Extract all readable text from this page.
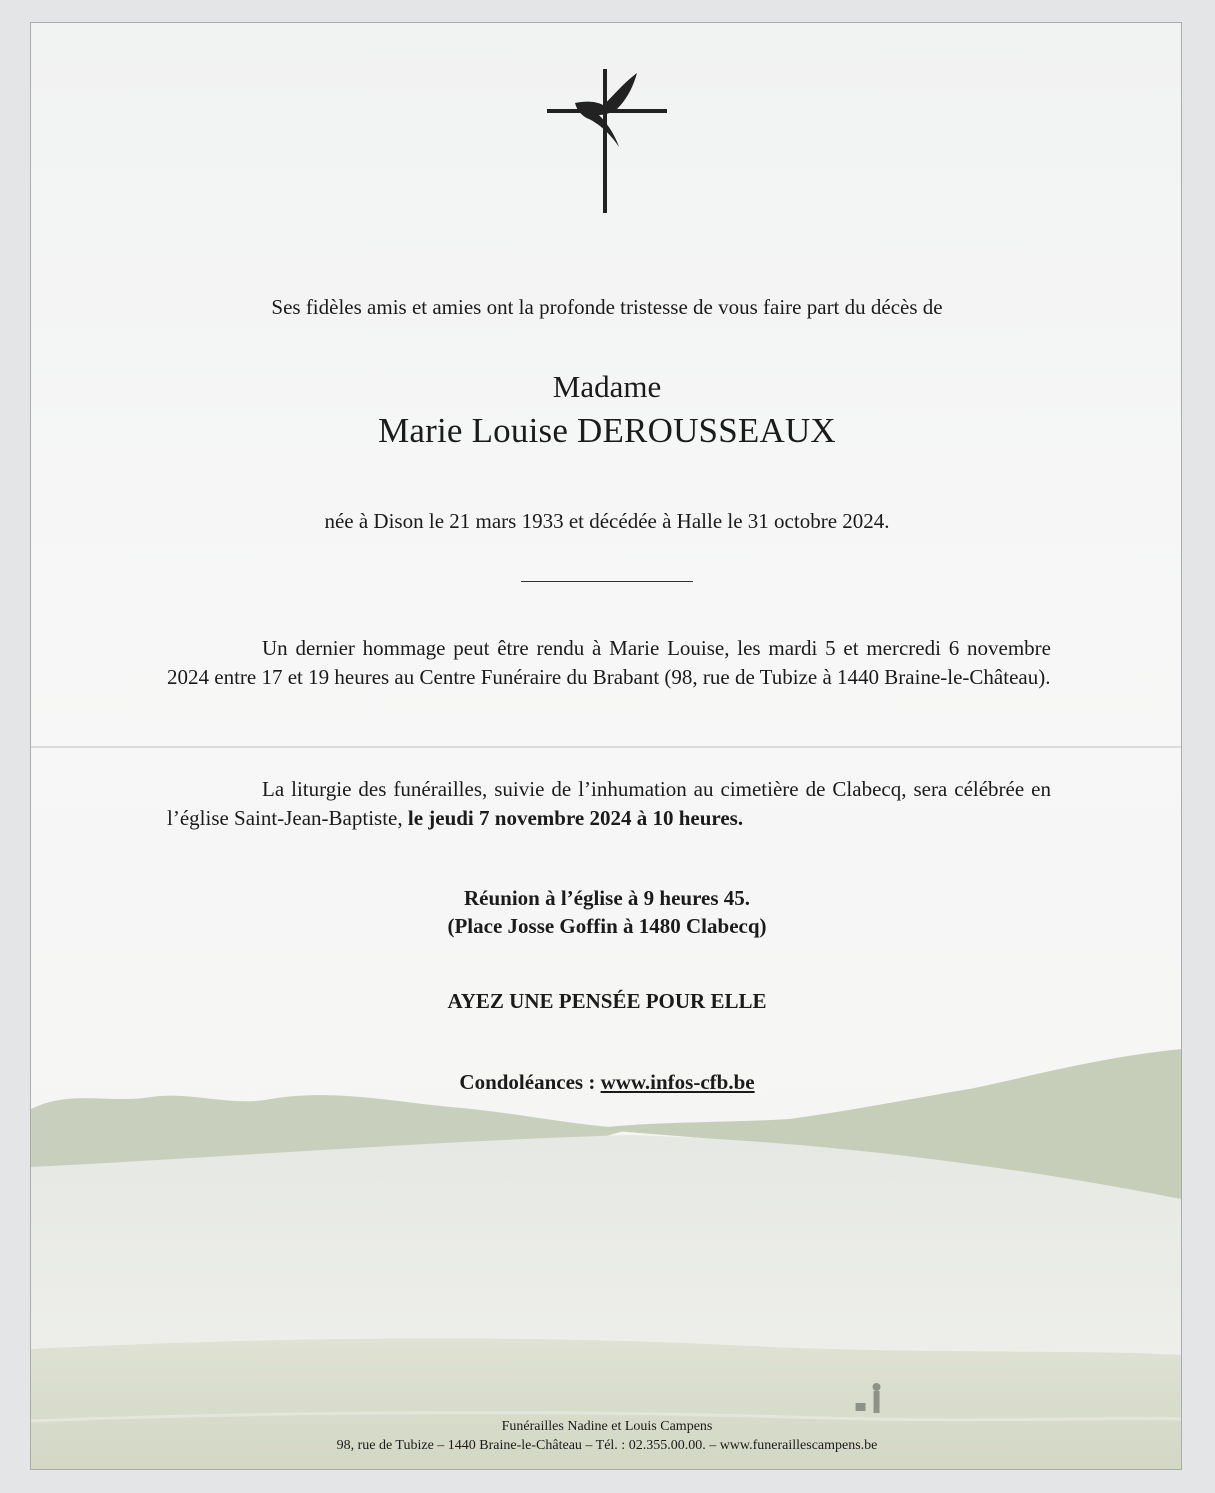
Ses fidèles amis et amies ont la profonde tristesse de vous faire part du décès de

Madame

Marie Louise DEROUSSEAUX

née à Dison le 21 mars 1933 et décédée à Halle le 31 octobre 2024.

Un dernier hommage peut être rendu à Marie Louise, les mardi 5 et mercredi 6 novembre 2024 entre 17 et 19 heures au Centre Funéraire du Brabant (98, rue de Tubize à 1440 Braine-le-Château).

La liturgie des funérailles, suivie de l’inhumation au cimetière de Clabecq, sera célébrée en l’église Saint-Jean-Baptiste, le jeudi 7 novembre 2024 à 10 heures.

Réunion à l’église à 9 heures 45.
(Place Josse Goffin à 1480 Clabecq)

AYEZ UNE PENSÉE POUR ELLE

Condoléances : www.infos-cfb.be

Funérailles Nadine et Louis Campens
98, rue de Tubize – 1440 Braine-le-Château – Tél. : 02.355.00.00. – www.funeraillescampens.be
